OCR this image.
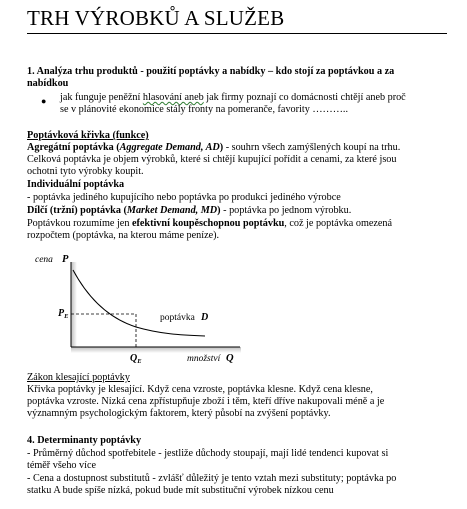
TRH VÝROBKŮ A SLUŽEB
1. Analýza trhu produktů - použití poptávky a nabídky – kdo stojí za poptávkou a za
nabídkou
● jak funguje peněžní hlasování aneb jak firmy poznají co domácnosti chtějí aneb proč
se v plánovité ekonomice stály fronty na pomeranče, favority ………..
Poptávková křivka (funkce)
Agregátní poptávka (Aggregate Demand, AD) - souhrn všech zamýšlených koupí na trhu.
Celková poptávka je objem výrobků, které si chtějí kupující pořídit a cenami, za které jsou
ochotni tyto výrobky koupit.
Individuální poptávka
- poptávka jediného kupujícího nebo poptávka po produkci jediného výrobce
Dílčí (tržní) poptávka (Market Demand, MD) - poptávka po jednom výrobku.
Poptávkou rozumíme jen efektivní koupěschopnou poptávku, což je poptávka omezená
rozpočtem (poptávka, na kterou máme peníze).
cena P
$P_E$	poptávka D
$Q_E$	množství Q
Zákon klesající poptávky
Křivka poptávky je klesající. Když cena vzroste, poptávka klesne. Když cena klesne,
poptávka vzroste. Nízká cena zpřístupňuje zboží i těm, kteří dříve nakupovali méně a je
významným psychologickým faktorem, který působí na zvýšení poptávky.
4. Determinanty poptávky
- Průměrný důchod spotřebitele - jestliže důchody stoupají, mají lidé tendenci kupovat si
téměř všeho více
- Cena a dostupnost substitutů - zvlášť důležitý je tento vztah mezi substituty; poptávka po
statku A bude spíše nízká, pokud bude mít substituční výrobek nízkou cenu
